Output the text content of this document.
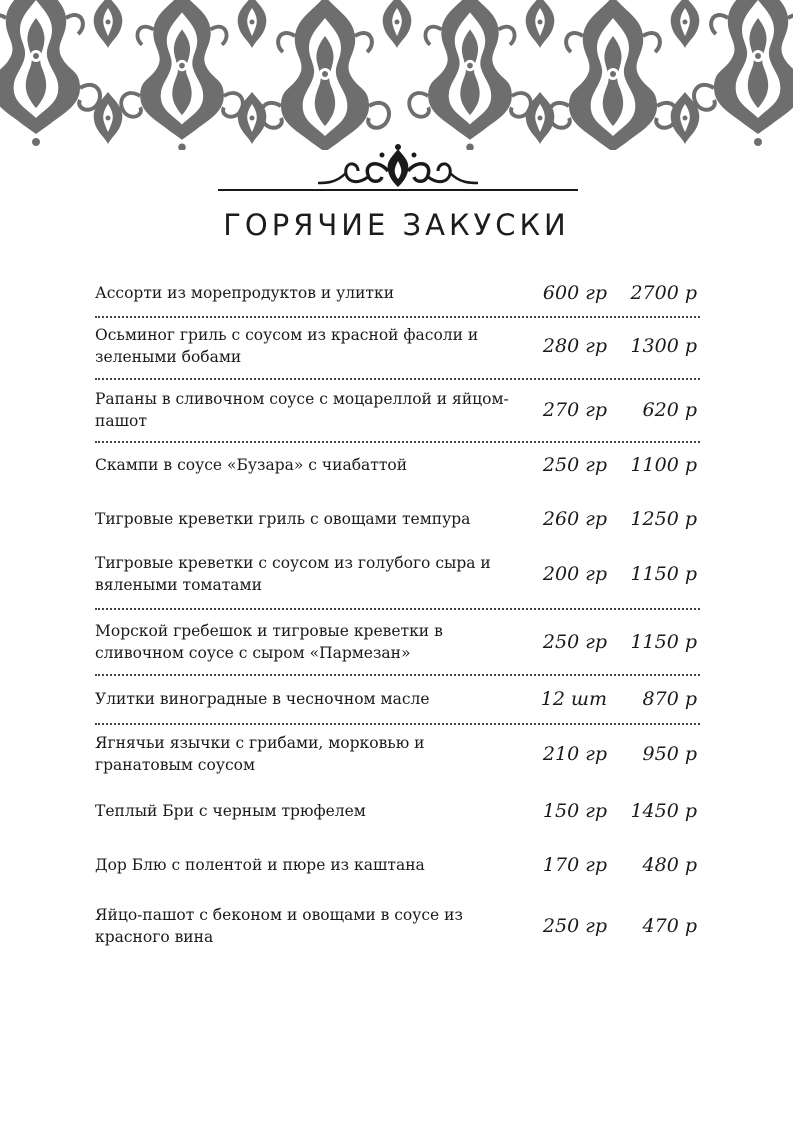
ГОРЯЧИЕ ЗАКУСКИ
Ассорти из морепродуктов и улитки	600 гр	2700 р
Осьминог гриль с соусом из красной фасоли и зелеными бобами	280 гр	1300 р
Рапаны в сливочном соусе с моцареллой и яйцом-пашот	270 гр	620 р
Скампи в соусе «Бузара» с чиабаттой	250 гр	1100 р
Тигровые креветки гриль с овощами темпура	260 гр	1250 р
Тигровые креветки с соусом из голубого сыра и вялеными томатами	200 гр	1150 р
Морской гребешок и тигровые креветки в сливочном соусе с сыром «Пармезан»	250 гр	1150 р
Улитки виноградные в чесночном масле	12 шт	870 р
Ягнячьи язычки с грибами, морковью и гранатовым соусом	210 гр	950 р
Теплый Бри с черным трюфелем	150 гр	1450 р
Дор Блю с полентой и пюре из каштана	170 гр	480 р
Яйцо-пашот с беконом и овощами в соусе из красного вина	250 гр	470 р
